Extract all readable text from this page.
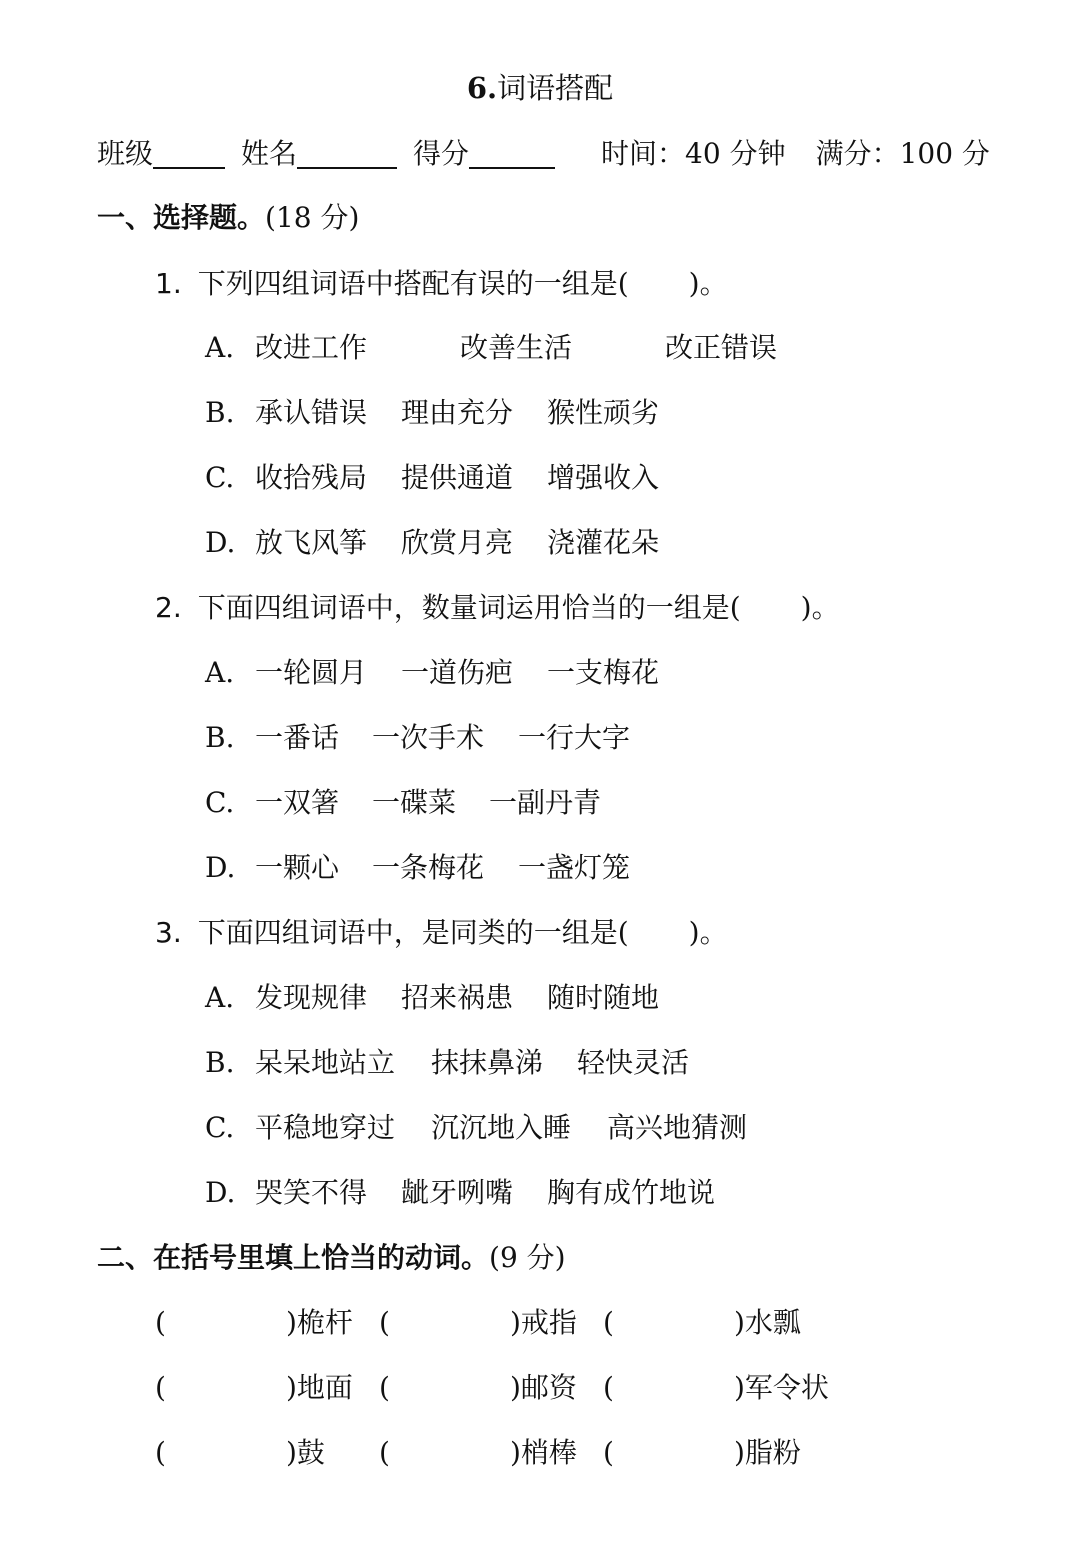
6.词语搭配
班级	姓名	得分	时间：40 分钟 满分：100 分
一、选择题。(18 分)
1. 下列四组词语中搭配有误的一组是( )。
A. 改进工作	改善生活	改正错误
B. 承认错误 理由充分 猴性顽劣
C. 收拾残局 提供通道 增强收入
D. 放飞风筝 欣赏月亮 浇灌花朵
2. 下面四组词语中，数量词运用恰当的一组是( )。
A. 一轮圆月 一道伤疤 一支梅花
B. 一番话 一次手术 一行大字
C. 一双箸 一碟菜 一副丹青
D. 一颗心 一条梅花 一盏灯笼
3. 下面四组词语中，是同类的一组是( )。
A. 发现规律 招来祸患 随时随地
B. 呆呆地站立 抹抹鼻涕 轻快灵活
C. 平稳地穿过 沉沉地入睡 高兴地猜测
D. 哭笑不得 龇牙咧嘴 胸有成竹地说
二、在括号里填上恰当的动词。(9 分)
(	)桅杆 (	)戒指 (	)水瓢
(	)地面 (	)邮资 (	)军令状
(	)鼓 (	)梢棒 (	)脂粉
